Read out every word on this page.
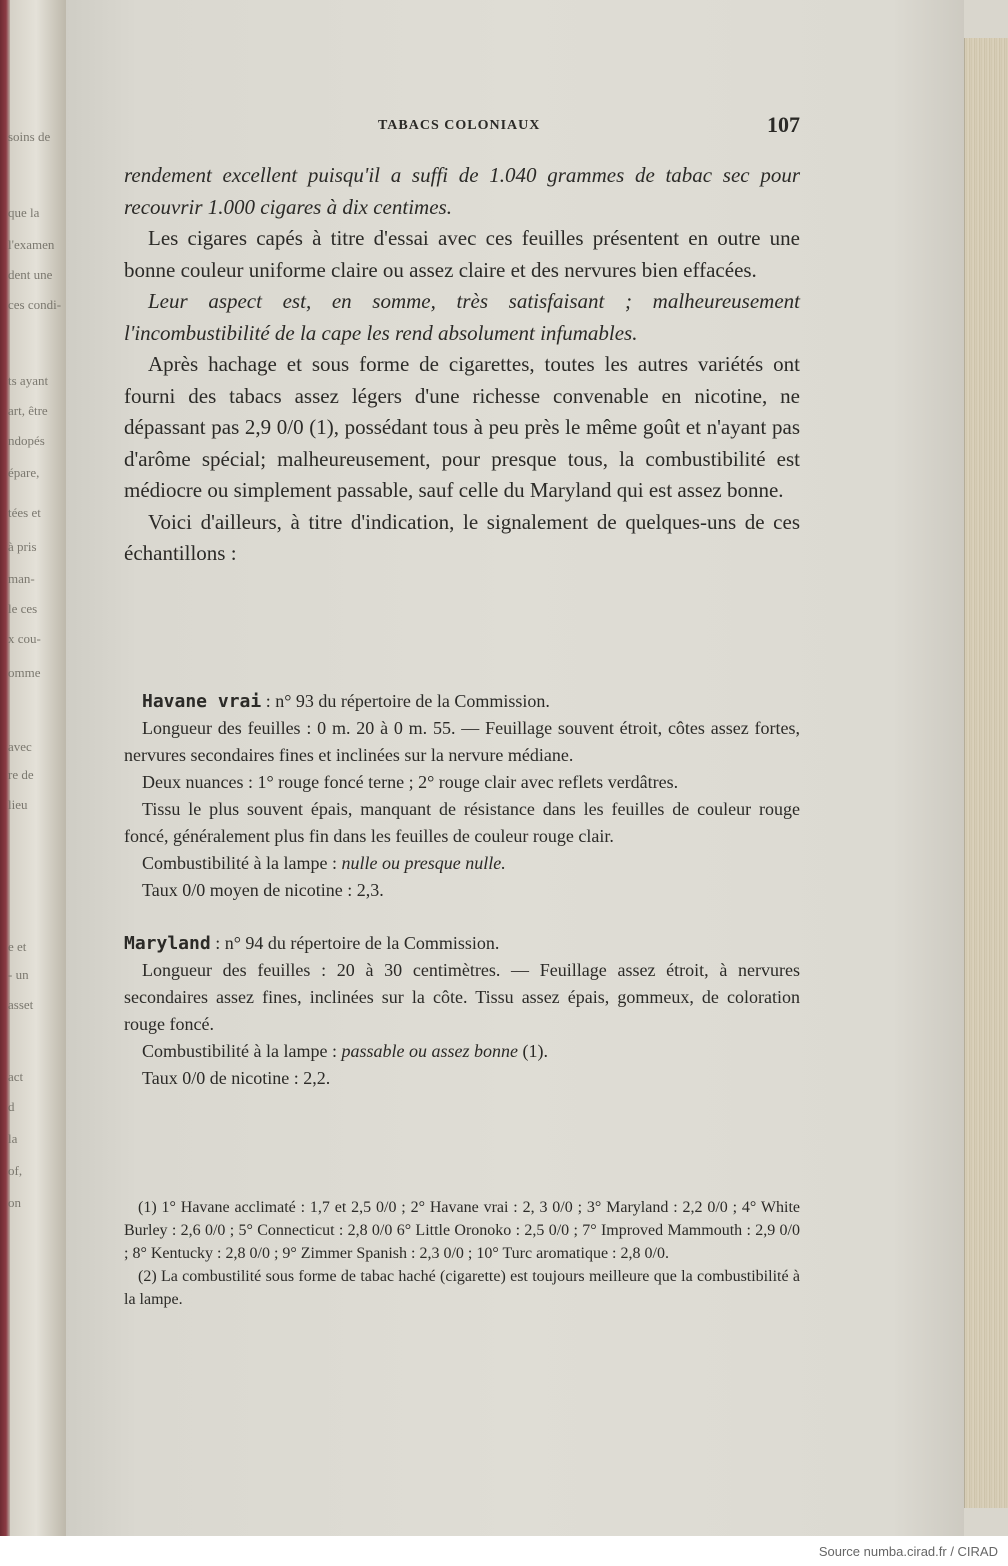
soins de
que la
l'examen
dent une
ces condi-
ts ayant
art, être
ndopés
épare,
tées et
à pris
man-
le ces
x cou-
omme
avec
re de
lieu
e et
- un
asset
act
d
la
of,
on
TABACS COLONIAUX	107

rendement excellent puisqu'il a suffi de 1.040 grammes de tabac sec pour recouvrir 1.000 cigares à dix centimes.

Les cigares capés à titre d'essai avec ces feuilles présentent en outre une bonne couleur uniforme claire ou assez claire et des nervures bien effacées.

Leur aspect est, en somme, très satisfaisant ; malheureusement l'incombustibilité de la cape les rend absolument infumables.

Après hachage et sous forme de cigarettes, toutes les autres variétés ont fourni des tabacs assez légers d'une richesse convenable en nicotine, ne dépassant pas 2,9 0/0 (1), possédant tous à peu près le même goût et n'ayant pas d'arôme spécial; malheureusement, pour presque tous, la combustibilité est médiocre ou simplement passable, sauf celle du Maryland qui est assez bonne.

Voici d'ailleurs, à titre d'indication, le signalement de quelques-uns de ces échantillons :

Havane vrai : n° 93 du répertoire de la Commission.

Longueur des feuilles : 0 m. 20 à 0 m. 55. — Feuillage souvent étroit, côtes assez fortes, nervures secondaires fines et inclinées sur la nervure médiane.

Deux nuances : 1° rouge foncé terne ; 2° rouge clair avec reflets verdâtres.

Tissu le plus souvent épais, manquant de résistance dans les feuilles de couleur rouge foncé, généralement plus fin dans les feuilles de couleur rouge clair.

Combustibilité à la lampe : nulle ou presque nulle.

Taux 0/0 moyen de nicotine : 2,3.

Maryland : n° 94 du répertoire de la Commission.

Longueur des feuilles : 20 à 30 centimètres. — Feuillage assez étroit, à nervures secondaires assez fines, inclinées sur la côte. Tissu assez épais, gommeux, de coloration rouge foncé.

Combustibilité à la lampe : passable ou assez bonne (1).

Taux 0/0 de nicotine : 2,2.

(1) 1° Havane acclimaté : 1,7 et 2,5 0/0 ; 2° Havane vrai : 2, 3 0/0 ; 3° Maryland : 2,2 0/0 ; 4° White Burley : 2,6 0/0 ; 5° Connecticut : 2,8 0/0 6° Little Oronoko : 2,5 0/0 ; 7° Improved Mammouth : 2,9 0/0 ; 8° Kentucky : 2,8 0/0 ; 9° Zimmer Spanish : 2,3 0/0 ; 10° Turc aromatique : 2,8 0/0.

(2) La combustilité sous forme de tabac haché (cigarette) est toujours meilleure que la combustibilité à la lampe.

Source numba.cirad.fr / CIRAD
